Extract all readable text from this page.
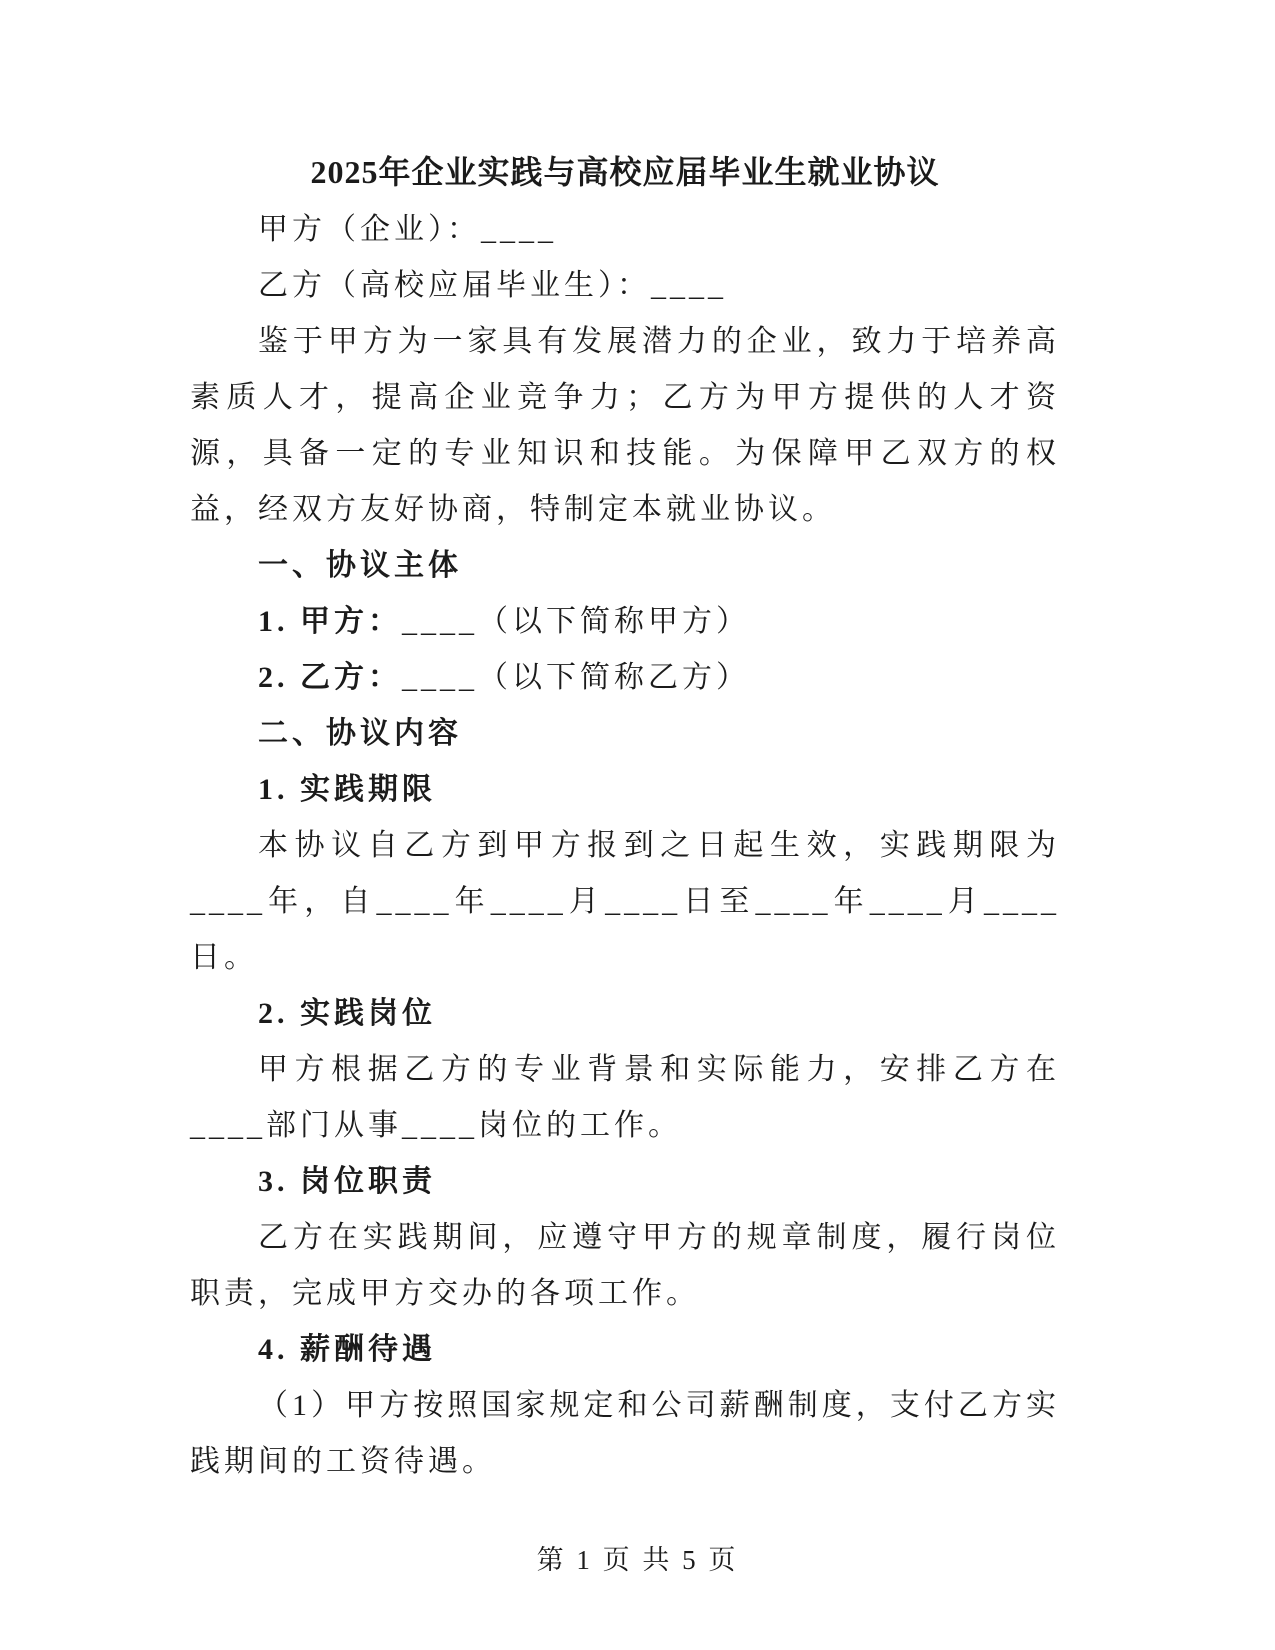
2025年企业实践与高校应届毕业生就业协议

甲方（企业）：____

乙方（高校应届毕业生）：____

鉴于甲方为一家具有发展潜力的企业，致力于培养高素质人才，提高企业竞争力；乙方为甲方提供的人才资源，具备一定的专业知识和技能。为保障甲乙双方的权益，经双方友好协商，特制定本就业协议。

一、协议主体

1. 甲方：____（以下简称甲方）

2. 乙方：____（以下简称乙方）

二、协议内容

1. 实践期限

本协议自乙方到甲方报到之日起生效，实践期限为____年，自____年____月____日至____年____月____日。

2. 实践岗位

甲方根据乙方的专业背景和实际能力，安排乙方在____部门从事____岗位的工作。

3. 岗位职责

乙方在实践期间，应遵守甲方的规章制度，履行岗位职责，完成甲方交办的各项工作。

4. 薪酬待遇

（1）甲方按照国家规定和公司薪酬制度，支付乙方实践期间的工资待遇。

第 1 页 共 5 页
